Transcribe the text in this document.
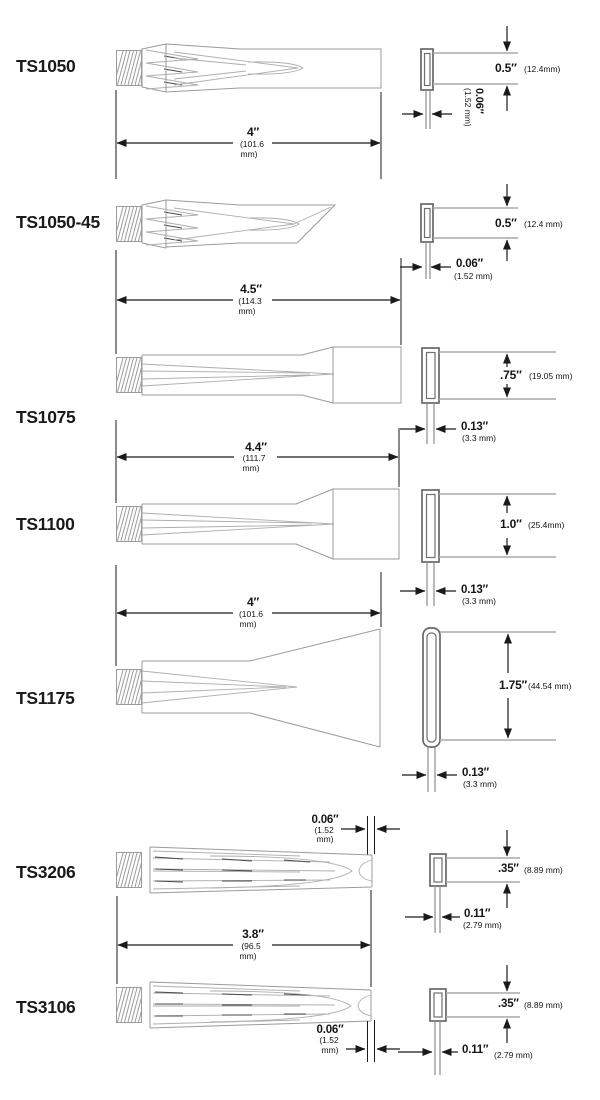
TS1050
4″
(101.6
mm)
0.5″ (12.4mm)
0.06″
(1.52 mm)
TS1050-45	0.5″ (12.4 mm)
0.06″
(1.52 mm)
TS1075
4.5″
(114.3
mm)
.75″ (19.05 mm)
0.13″
(3.3 mm)
TS1100
4.4″
(111.7
mm)
1.0″ (25.4mm)
0.13″
(3.3 mm)
TS1175
4″
(101.6
mm)
1.75″ (44.54 mm)
0.13″
(3.3 mm)
TS3206
0.06″
(1.52
mm)
.35″ (8.89 mm)
0.11″
(2.79 mm)
3.8″
(96.5
mm)
TS3106
0.06″
(1.52
mm)
.35″ (8.89 mm)
0.11″ (2.79 mm)
